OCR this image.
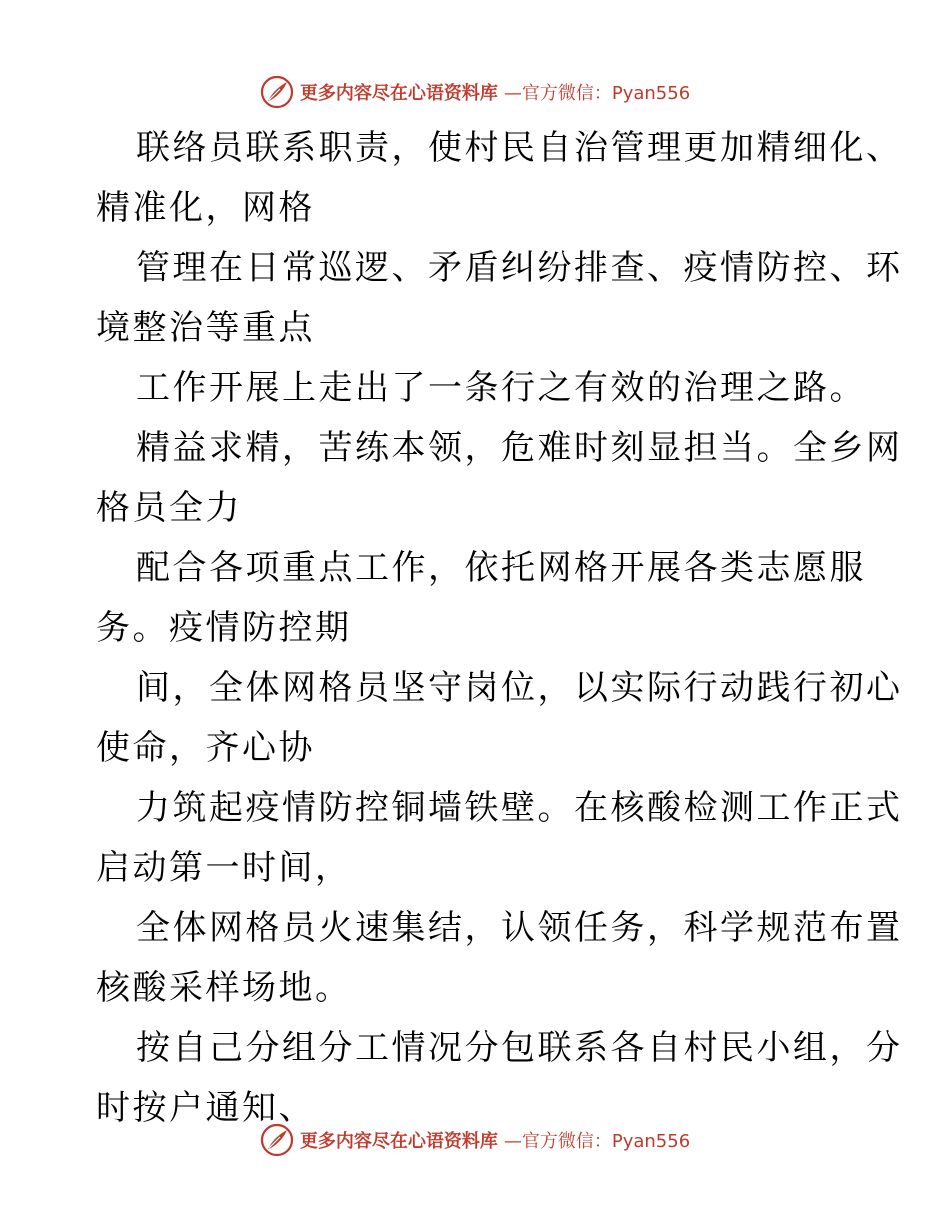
更多内容尽在心语资料库 —官方微信：Pyan556
联络员联系职责，使村民自治管理更加精细化、
精准化，网格
管理在日常巡逻、矛盾纠纷排查、疫情防控、环
境整治等重点
工作开展上走出了一条行之有效的治理之路。
精益求精，苦练本领，危难时刻显担当。全乡网
格员全力
配合各项重点工作，依托网格开展各类志愿服
务。疫情防控期
间，全体网格员坚守岗位，以实际行动践行初心
使命，齐心协
力筑起疫情防控铜墙铁壁。在核酸检测工作正式
启动第一时间，
全体网格员火速集结，认领任务，科学规范布置
核酸采样场地。
按自己分组分工情况分包联系各自村民小组，分
时按户通知、
更多内容尽在心语资料库 —官方微信：Pyan556
